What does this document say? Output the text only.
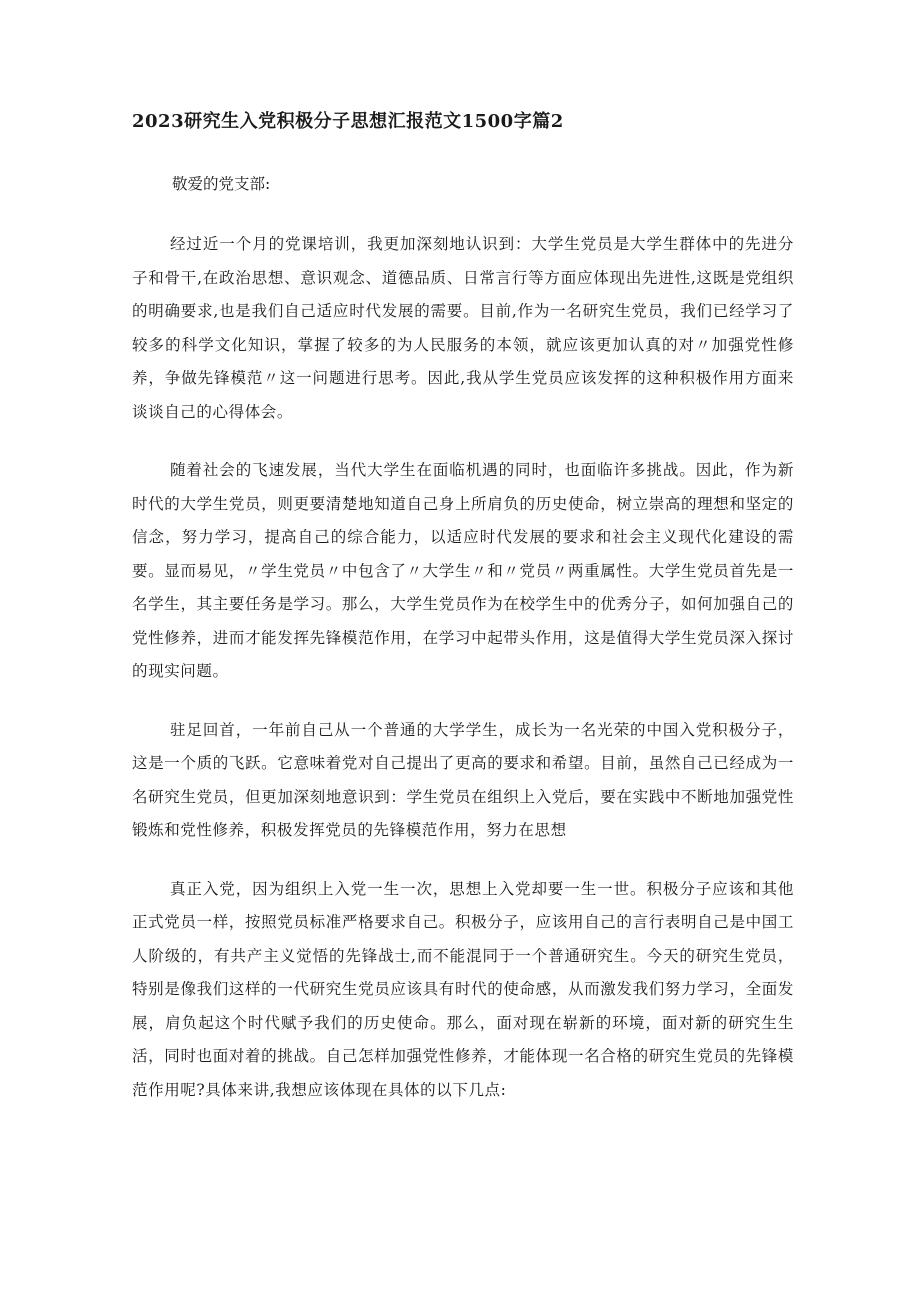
2023研究生入党积极分子思想汇报范文1500字篇2

敬爱的党支部:

经过近一个月的党课培训，我更加深刻地认识到：大学生党员是大学生群体中的先进分子和骨干,在政治思想、意识观念、道德品质、日常言行等方面应体现出先进性,这既是党组织的明确要求,也是我们自己适应时代发展的需要。目前,作为一名研究生党员，我们已经学习了较多的科学文化知识，掌握了较多的为人民服务的本领，就应该更加认真的对〃加强党性修养，争做先锋模范〃这一问题进行思考。因此,我从学生党员应该发挥的这种积极作用方面来谈谈自己的心得体会。

随着社会的飞速发展，当代大学生在面临机遇的同时，也面临许多挑战。因此，作为新时代的大学生党员，则更要清楚地知道自己身上所肩负的历史使命，树立崇高的理想和坚定的信念，努力学习，提高自己的综合能力，以适应时代发展的要求和社会主义现代化建设的需要。显而易见，〃学生党员〃中包含了〃大学生〃和〃党员〃两重属性。大学生党员首先是一名学生，其主要任务是学习。那么，大学生党员作为在校学生中的优秀分子，如何加强自己的党性修养，进而才能发挥先锋模范作用，在学习中起带头作用，这是值得大学生党员深入探讨的现实问题。

驻足回首，一年前自己从一个普通的大学学生，成长为一名光荣的中国入党积极分子，这是一个质的飞跃。它意味着党对自己提出了更高的要求和希望。目前，虽然自己已经成为一名研究生党员，但更加深刻地意识到：学生党员在组织上入党后，要在实践中不断地加强党性锻炼和党性修养，积极发挥党员的先锋模范作用，努力在思想

真正入党，因为组织上入党一生一次，思想上入党却要一生一世。积极分子应该和其他正式党员一样，按照党员标准严格要求自己。积极分子，应该用自己的言行表明自己是中国工人阶级的，有共产主义觉悟的先锋战士,而不能混同于一个普通研究生。今天的研究生党员，特别是像我们这样的一代研究生党员应该具有时代的使命感，从而激发我们努力学习，全面发展，肩负起这个时代赋予我们的历史使命。那么，面对现在崭新的环境，面对新的研究生生活，同时也面对着的挑战。自己怎样加强党性修养，才能体现一名合格的研究生党员的先锋模范作用呢?具体来讲,我想应该体现在具体的以下几点:
